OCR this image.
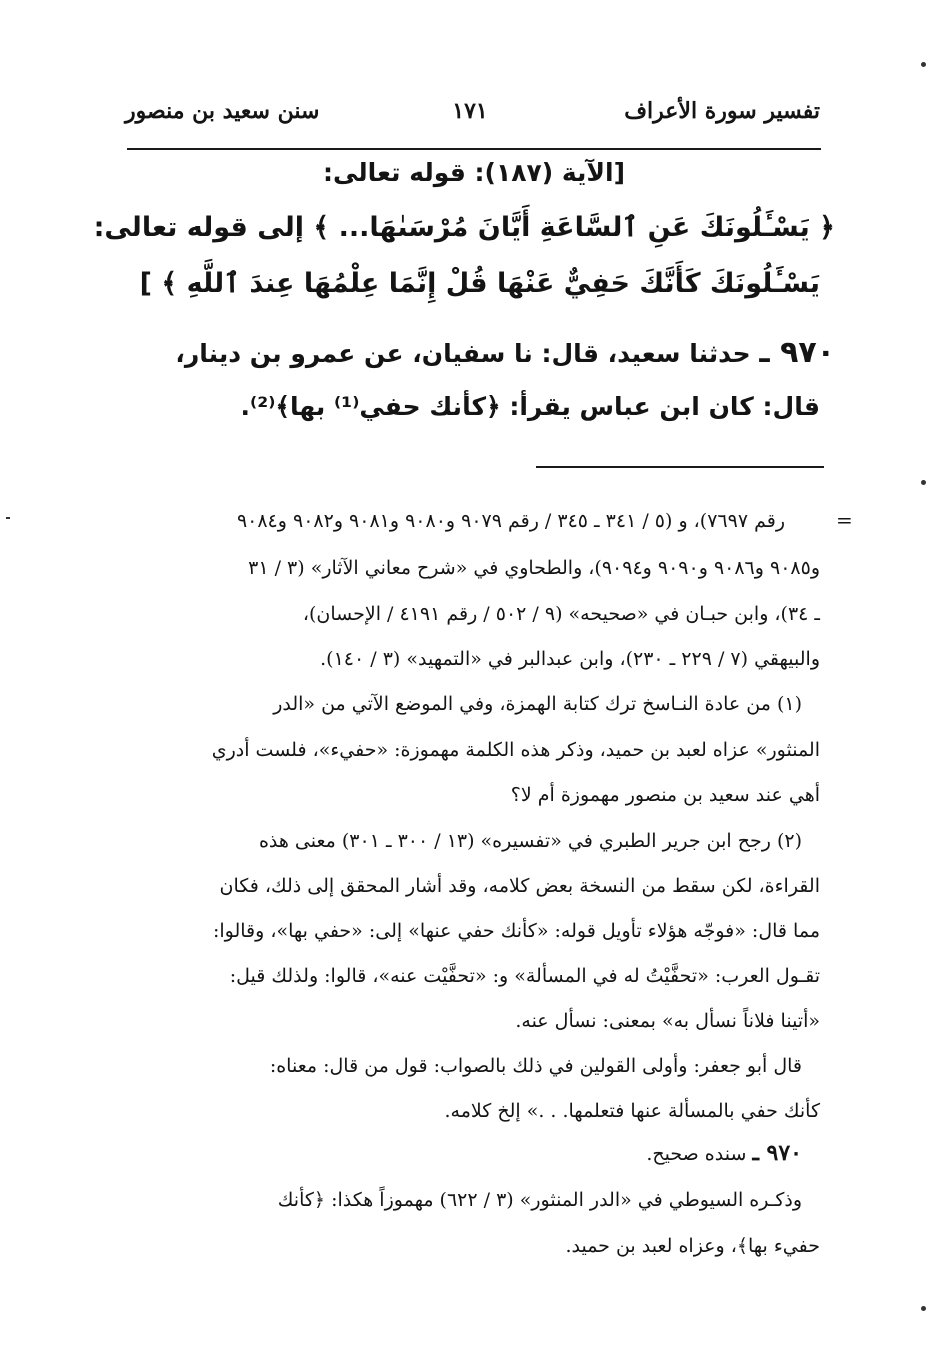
تفسير سورة الأعراف
١٧١
سنن سعيد بن منصور
[الآية (١٨٧): قوله تعالى:
﴿ يَسْـَٔلُونَكَ عَنِ ٱلسَّاعَةِ أَيَّانَ مُرْسَىٰهَا... ﴾ إلى قوله تعالى:
يَسْـَٔلُونَكَ كَأَنَّكَ حَفِيٌّ عَنْهَا قُلْ إِنَّمَا عِلْمُهَا عِندَ ٱللَّهِ ﴾ ]
٩٧٠ ـ حدثنا سعيد، قال: نا سفيان، عن عمرو بن دينار،
قال: كان ابن عباس يقرأ: ﴿كأنك حفي⁽¹⁾ بها﴾⁽²⁾.
=
رقم ٧٦٩٧)، و (٥ / ٣٤١ ـ ٣٤٥ / رقم ٩٠٧٩ و٩٠٨٠ و٩٠٨١ و٩٠٨٢ و٩٠٨٤
و٩٠٨٥ و٩٠٨٦ و٩٠٩٠ و٩٠٩٤)، والطحاوي في «شرح معاني الآثار» (٣ / ٣١
ـ ٣٤)، وابن حبـان في «صحيحه» (٩ / ٥٠٢ / رقم ٤١٩١ / الإحسان)،
والبيهقي (٧ / ٢٢٩ ـ ٢٣٠)، وابن عبدالبر في «التمهيد» (٣ / ١٤٠).
(١) من عادة النـاسخ ترك كتابة الهمزة، وفي الموضع الآتي من «الدر
المنثور» عزاه لعبد بن حميد، وذكر هذه الكلمة مهموزة: «حفيء»، فلست أدري
أهي عند سعيد بن منصور مهموزة أم لا؟
(٢) رجح ابن جرير الطبري في «تفسيره» (١٣ / ٣٠٠ ـ ٣٠١) معنى هذه
القراءة، لكن سقط من النسخة بعض كلامه، وقد أشار المحقق إلى ذلك، فكان
مما قال: «فوجّه هؤلاء تأويل قوله: «كأنك حفي عنها» إلى: «حفي بها»، وقالوا:
تقـول العرب: «تحفَّيْتُ له في المسألة» و: «تحفَّيْت عنه»، قالوا: ولذلك قيل:
«أتينا فلاناً نسأل به» بمعنى: نسأل عنه.
قال أبو جعفر: وأولى القولين في ذلك بالصواب: قول من قال: معناه:
كأنك حفي بالمسألة عنها فتعلمها. . .» إلخ كلامه.
٩٧٠ ـ سنده صحيح.
وذكـره السيوطي في «الدر المنثور» (٣ / ٦٢٢) مهموزاً هكذا: ﴿كأنك
حفيء بها﴾، وعزاه لعبد بن حميد.
